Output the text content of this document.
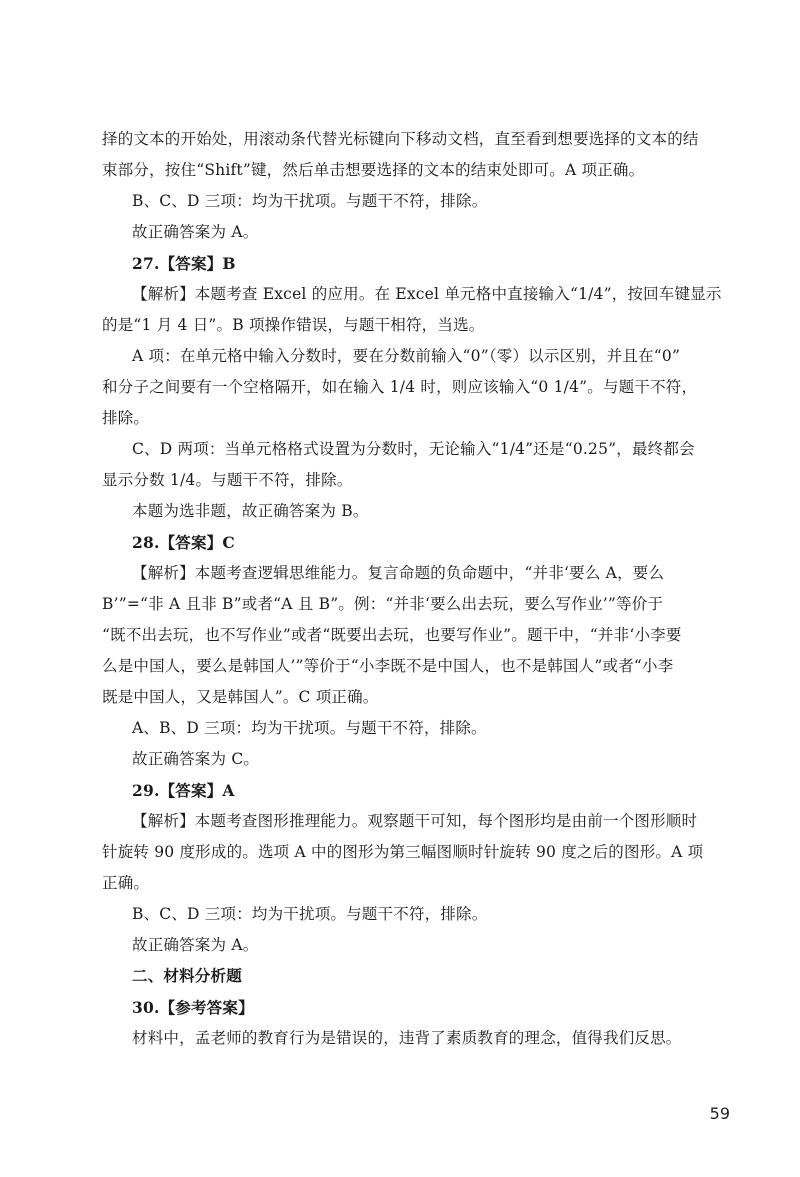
择的文本的开始处，用滚动条代替光标键向下移动文档，直至看到想要选择的文本的结
束部分，按住“Shift”键，然后单击想要选择的文本的结束处即可。A 项正确。
B、C、D 三项：均为干扰项。与题干不符，排除。
故正确答案为 A。
27.【答案】B
【解析】本题考查 Excel 的应用。在 Excel 单元格中直接输入“1/4”，按回车键显示
的是“1 月 4 日”。B 项操作错误，与题干相符，当选。
A 项：在单元格中输入分数时，要在分数前输入“0”（零）以示区别，并且在“0”
和分子之间要有一个空格隔开，如在输入 1/4 时，则应该输入“0 1/4”。与题干不符，
排除。
C、D 两项：当单元格格式设置为分数时，无论输入“1/4”还是“0.25”，最终都会
显示分数 1/4。与题干不符，排除。
本题为选非题，故正确答案为 B。
28.【答案】C
【解析】本题考查逻辑思维能力。复言命题的负命题中，“并非‘要么 A，要么
B’”=“非 A 且非 B”或者“A 且 B”。例：“并非‘要么出去玩，要么写作业’”等价于
“既不出去玩，也不写作业”或者“既要出去玩，也要写作业”。题干中，“并非‘小李要
么是中国人，要么是韩国人’”等价于“小李既不是中国人，也不是韩国人”或者“小李
既是中国人，又是韩国人”。C 项正确。
A、B、D 三项：均为干扰项。与题干不符，排除。
故正确答案为 C。
29.【答案】A
【解析】本题考查图形推理能力。观察题干可知，每个图形均是由前一个图形顺时
针旋转 90 度形成的。选项 A 中的图形为第三幅图顺时针旋转 90 度之后的图形。A 项
正确。
B、C、D 三项：均为干扰项。与题干不符，排除。
故正确答案为 A。
二、材料分析题
30.【参考答案】
材料中，孟老师的教育行为是错误的，违背了素质教育的理念，值得我们反思。
59
